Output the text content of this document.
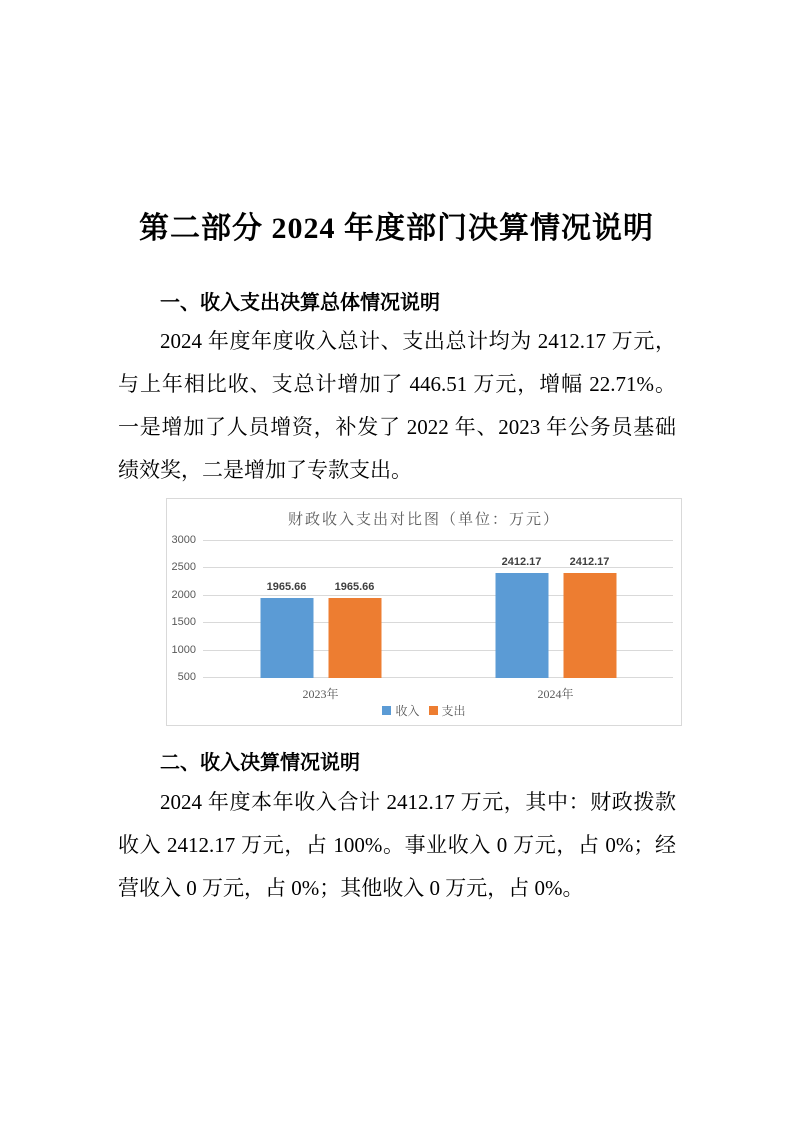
第二部分 2024 年度部门决算情况说明
一、收入支出决算总体情况说明

2024 年度年度收入总计、支出总计均为 2412.17 万元，与上年相比收、支总计增加了 446.51 万元，增幅 22.71%。一是增加了人员增资，补发了 2022 年、2023 年公务员基础绩效奖，二是增加了专款支出。

财政收入支出对比图（单位：万元）
500
1000
1500
2000
2500
3000
1965.66	1965.66
2023年
2412.17	2412.17
2024年
收入 支出
二、收入决算情况说明

2024 年度本年收入合计 2412.17 万元，其中：财政拨款收入 2412.17 万元，占 100%。事业收入 0 万元，占 0%；经营收入 0 万元，占 0%；其他收入 0 万元，占 0%。
